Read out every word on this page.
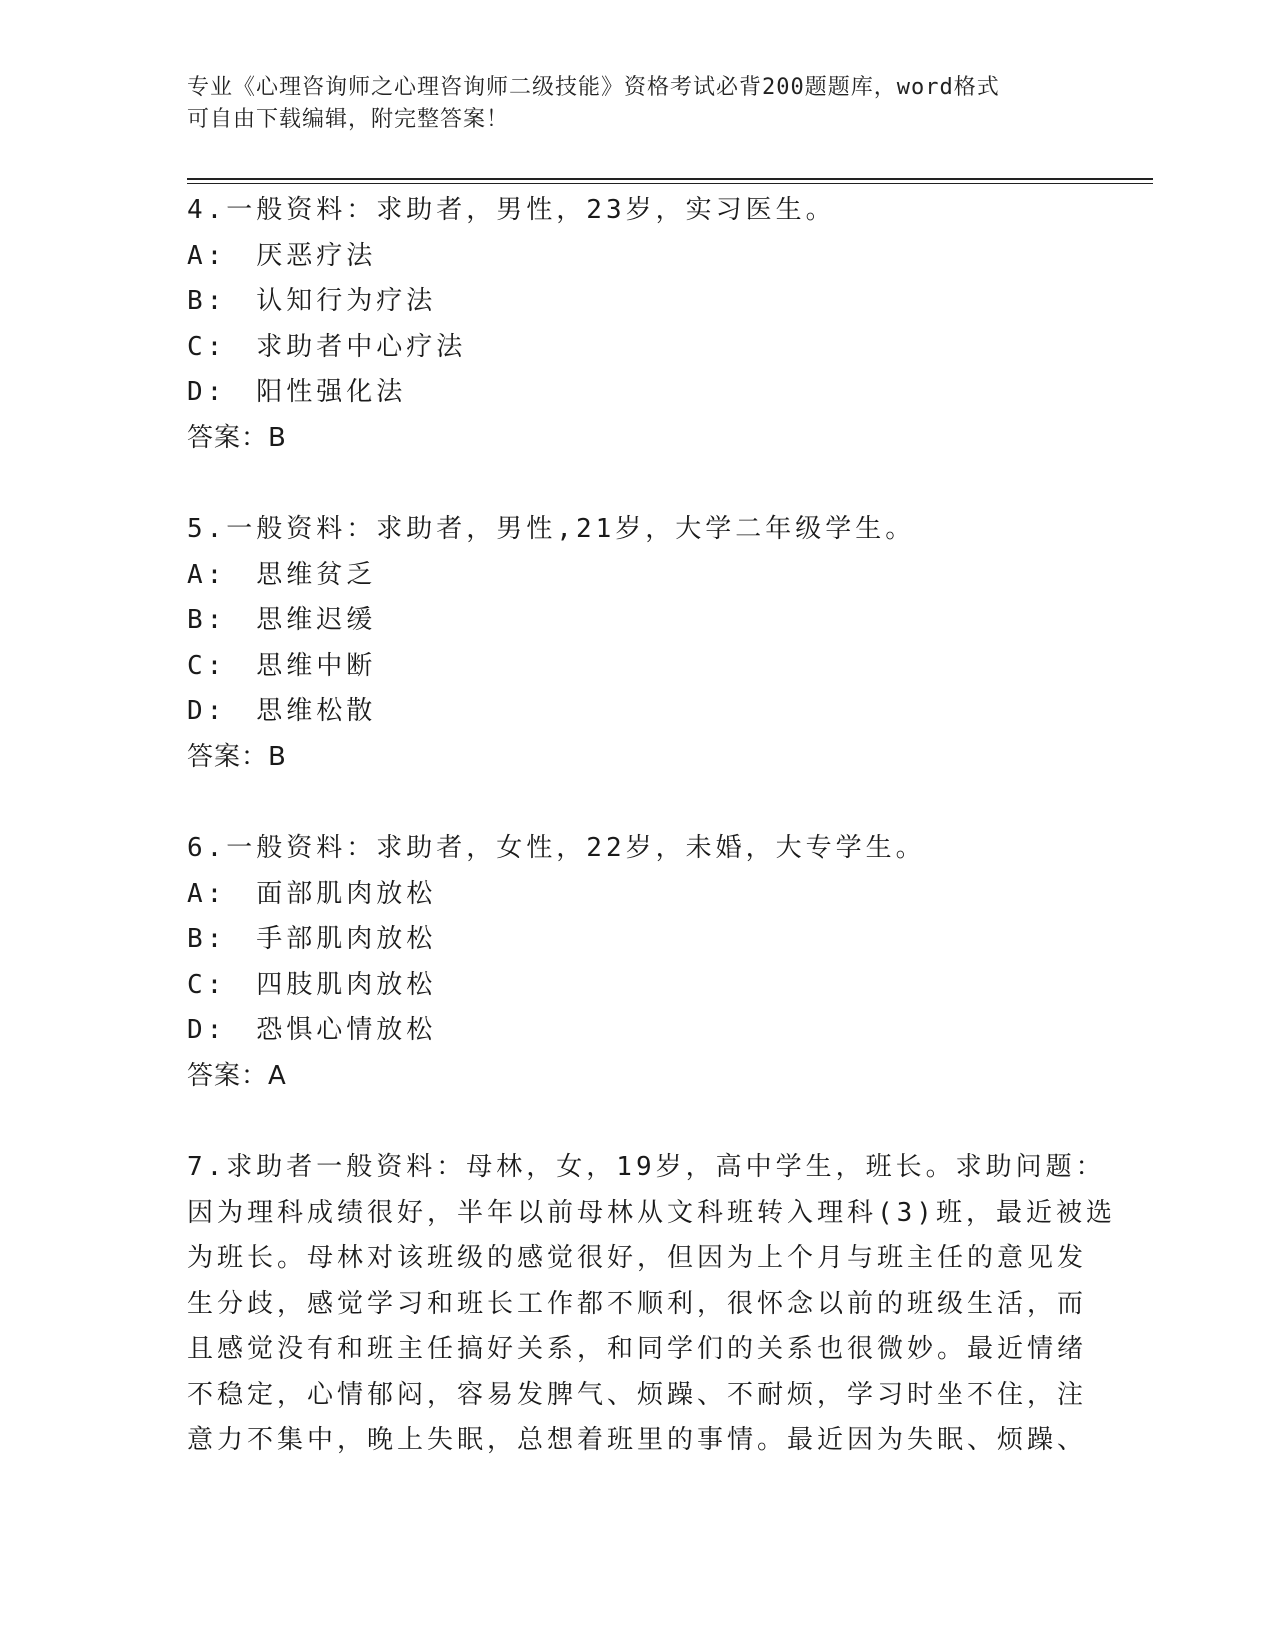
专业《心理咨询师之心理咨询师二级技能》资格考试必背200题题库，word格式
可自由下载编辑，附完整答案！
4.一般资料：求助者，男性，23岁，实习医生。
A:　厌恶疗法
B:　认知行为疗法
C:　求助者中心疗法
D:　阳性强化法
答案：B
5.一般资料：求助者，男性,21岁，大学二年级学生。
A:　思维贫乏
B:　思维迟缓
C:　思维中断
D:　思维松散
答案：B
6.一般资料：求助者，女性，22岁，未婚，大专学生。
A:　面部肌肉放松
B:　手部肌肉放松
C:　四肢肌肉放松
D:　恐惧心情放松
答案：A
7.求助者一般资料：母林，女，19岁，高中学生，班长。求助问题：
因为理科成绩很好，半年以前母林从文科班转入理科(3)班，最近被选
为班长。母林对该班级的感觉很好，但因为上个月与班主任的意见发
生分歧，感觉学习和班长工作都不顺利，很怀念以前的班级生活，而
且感觉没有和班主任搞好关系，和同学们的关系也很微妙。最近情绪
不稳定，心情郁闷，容易发脾气、烦躁、不耐烦，学习时坐不住，注
意力不集中，晚上失眠，总想着班里的事情。最近因为失眠、烦躁、
